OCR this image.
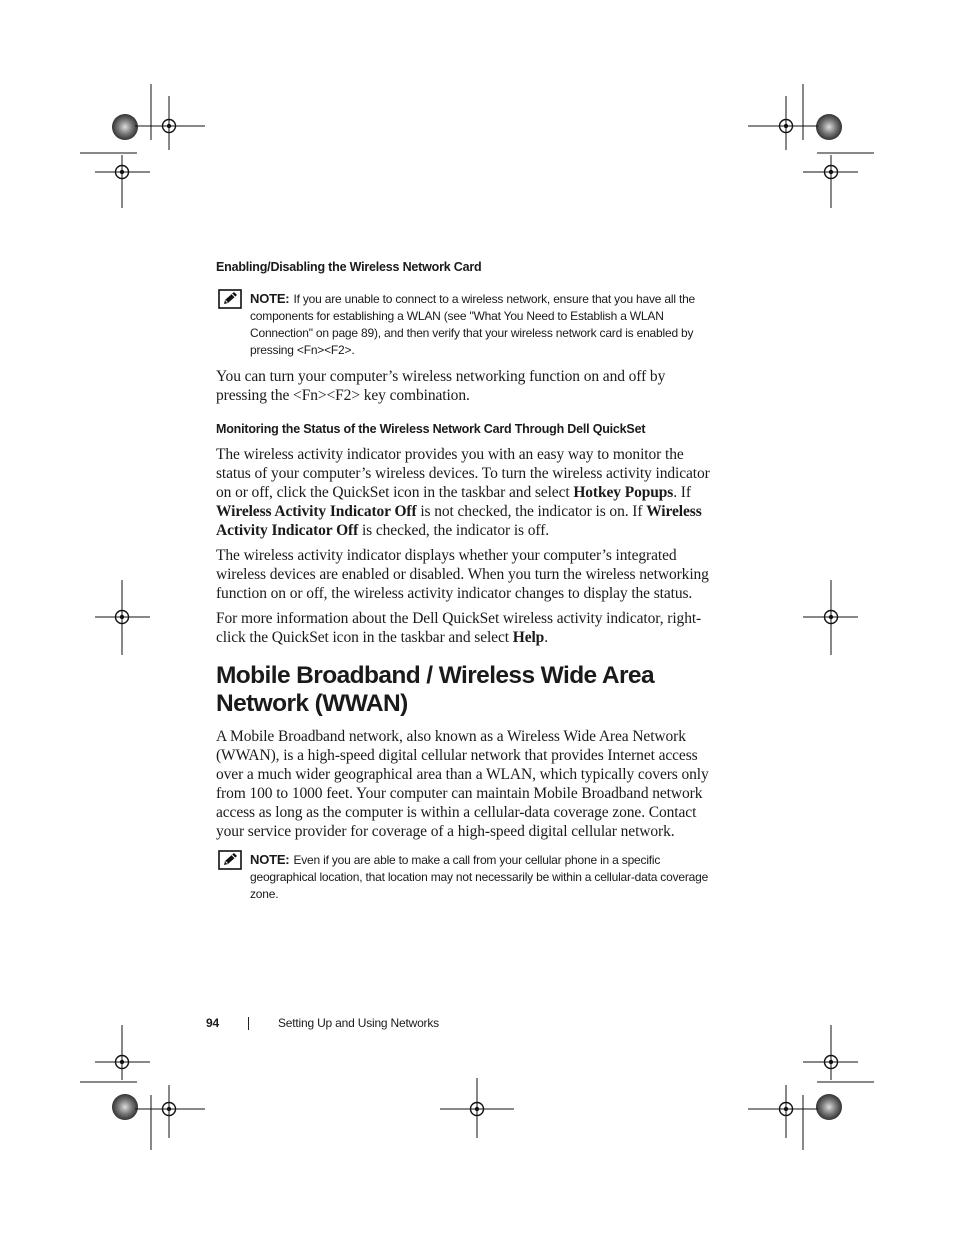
Enabling/Disabling the Wireless Network Card
NOTE: If you are unable to connect to a wireless network, ensure that you have all the components for establishing a WLAN (see "What You Need to Establish a WLAN Connection" on page 89), and then verify that your wireless network card is enabled by pressing <Fn><F2>.

You can turn your computer’s wireless networking function on and off by pressing the <Fn><F2> key combination.

Monitoring the Status of the Wireless Network Card Through Dell QuickSet

The wireless activity indicator provides you with an easy way to monitor the status of your computer’s wireless devices. To turn the wireless activity indicator on or off, click the QuickSet icon in the taskbar and select Hotkey Popups. If Wireless Activity Indicator Off is not checked, the indicator is on. If Wireless Activity Indicator Off is checked, the indicator is off.

The wireless activity indicator displays whether your computer’s integrated wireless devices are enabled or disabled. When you turn the wireless networking function on or off, the wireless activity indicator changes to display the status.

For more information about the Dell QuickSet wireless activity indicator, right-click the QuickSet icon in the taskbar and select Help.

Mobile Broadband / Wireless Wide Area
Network (WWAN)

A Mobile Broadband network, also known as a Wireless Wide Area Network (WWAN), is a high-speed digital cellular network that provides Internet access over a much wider geographical area than a WLAN, which typically covers only from 100 to 1000 feet. Your computer can maintain Mobile Broadband network access as long as the computer is within a cellular-data coverage zone. Contact your service provider for coverage of a high-speed digital cellular network.

NOTE: Even if you are able to make a call from your cellular phone in a specific geographical location, that location may not necessarily be within a cellular-data coverage zone.
94	Setting Up and Using Networks
